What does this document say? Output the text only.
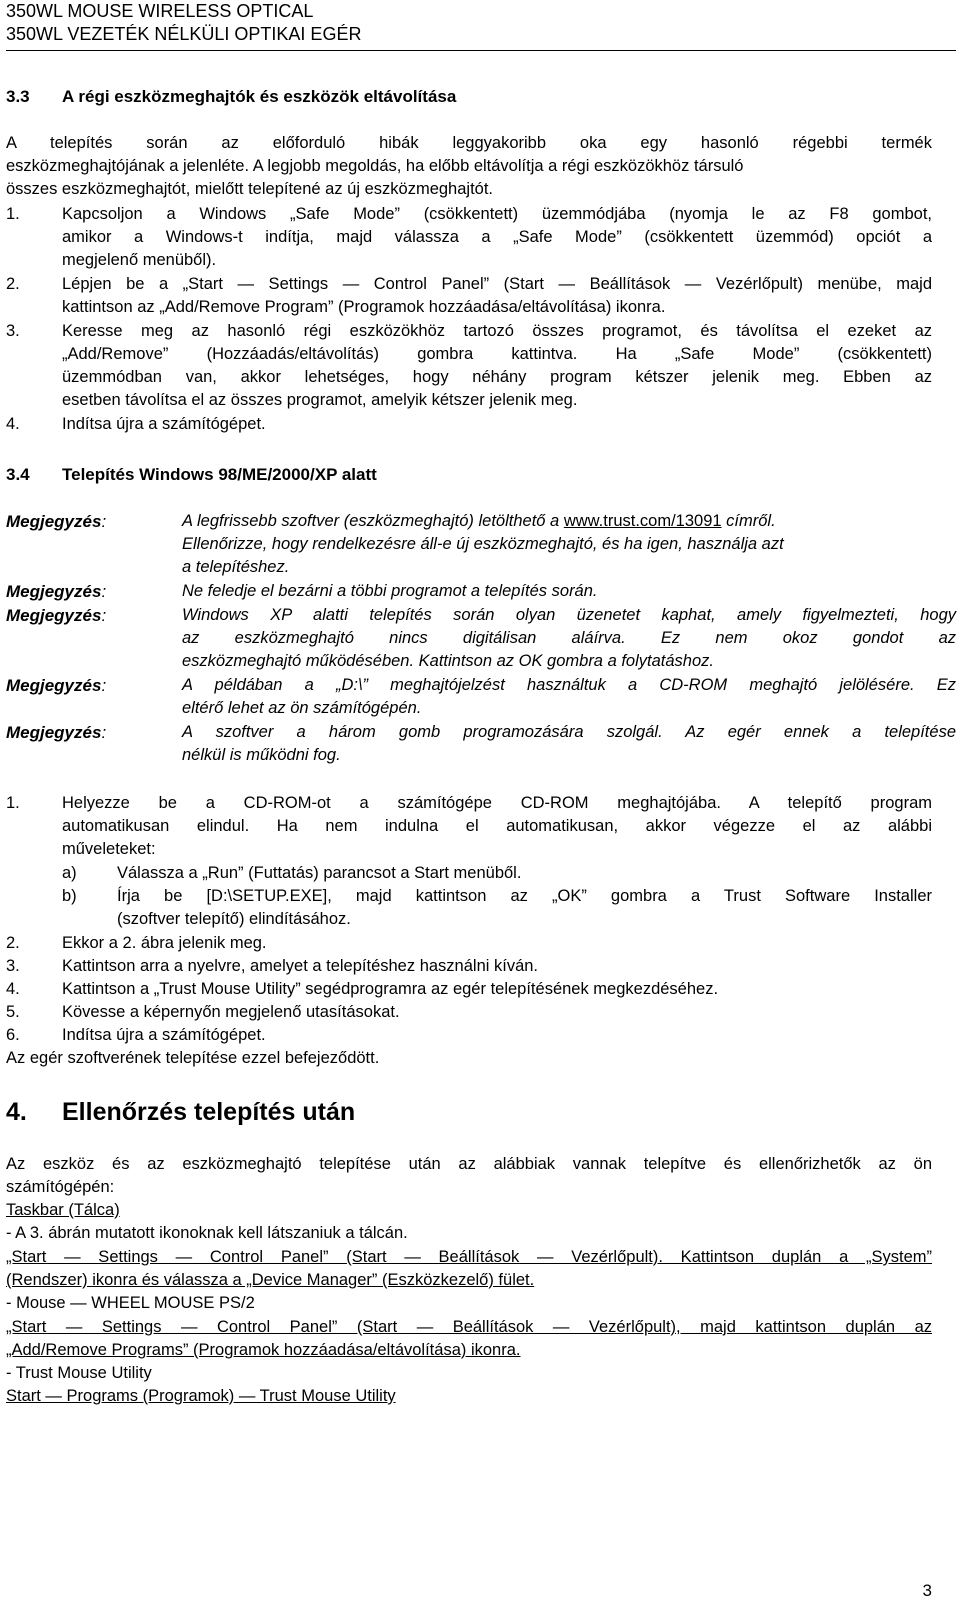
350WL MOUSE WIRELESS OPTICAL
350WL VEZETÉK NÉLKÜLI OPTIKAI EGÉR
3.3 A régi eszközmeghajtók és eszközök eltávolítása
A telepítés során az előforduló hibák leggyakoribb oka egy hasonló régebbi termék
eszközmeghajtójának a jelenléte. A legjobb megoldás, ha előbb eltávolítja a régi eszközökhöz társuló
összes eszközmeghajtót, mielőtt telepítené az új eszközmeghajtót.
1.	Kapcsoljon a Windows „Safe Mode” (csökkentett) üzemmódjába (nyomja le az F8 gombot,
amikor a Windows-t indítja, majd válassza a „Safe Mode” (csökkentett üzemmód) opciót a
megjelenő menüből).
2.	Lépjen be a „Start — Settings — Control Panel” (Start — Beállítások — Vezérlőpult) menübe, majd
kattintson az „Add/Remove Program” (Programok hozzáadása/eltávolítása) ikonra.
3.	Keresse meg az hasonló régi eszközökhöz tartozó összes programot, és távolítsa el ezeket az
„Add/Remove” (Hozzáadás/eltávolítás) gombra kattintva. Ha „Safe Mode” (csökkentett)
üzemmódban van, akkor lehetséges, hogy néhány program kétszer jelenik meg. Ebben az
esetben távolítsa el az összes programot, amelyik kétszer jelenik meg.
4.	Indítsa újra a számítógépet.
3.4 Telepítés Windows 98/ME/2000/XP alatt
Megjegyzés:	A legfrissebb szoftver (eszközmeghajtó) letölthető a www.trust.com/13091 címről.
Ellenőrizze, hogy rendelkezésre áll-e új eszközmeghajtó, és ha igen, használja azt
a telepítéshez.
Megjegyzés:	Ne feledje el bezárni a többi programot a telepítés során.
Megjegyzés:	Windows XP alatti telepítés során olyan üzenetet kaphat, amely figyelmezteti, hogy
az eszközmeghajtó nincs digitálisan aláírva. Ez nem okoz gondot az
eszközmeghajtó működésében. Kattintson az OK gombra a folytatáshoz.
Megjegyzés:	A példában a „D:\” meghajtójelzést használtuk a CD-ROM meghajtó jelölésére. Ez
eltérő lehet az ön számítógépén.
Megjegyzés:	A szoftver a három gomb programozására szolgál. Az egér ennek a telepítése
nélkül is működni fog.
1.	Helyezze be a CD-ROM-ot a számítógépe CD-ROM meghajtójába. A telepítő program
automatikusan elindul. Ha nem indulna el automatikusan, akkor végezze el az alábbi
műveleteket:
a) Válassza a „Run” (Futtatás) parancsot a Start menüből.
b) Írja be [D:\SETUP.EXE], majd kattintson az „OK” gombra a Trust Software Installer
(szoftver telepítő) elindításához.
2.	Ekkor a 2. ábra jelenik meg.
3.	Kattintson arra a nyelvre, amelyet a telepítéshez használni kíván.
4.	Kattintson a „Trust Mouse Utility” segédprogramra az egér telepítésének megkezdéséhez.
5.	Kövesse a képernyőn megjelenő utasításokat.
6.	Indítsa újra a számítógépet.
Az egér szoftverének telepítése ezzel befejeződött.
4. Ellenőrzés telepítés után
Az eszköz és az eszközmeghajtó telepítése után az alábbiak vannak telepítve és ellenőrizhetők az ön
számítógépén:
Taskbar (Tálca)
- A 3. ábrán mutatott ikonoknak kell látszaniuk a tálcán.
„Start — Settings — Control Panel” (Start — Beállítások — Vezérlőpult). Kattintson duplán a „System”
(Rendszer) ikonra és válassza a „Device Manager” (Eszközkezelő) fület.
- Mouse — WHEEL MOUSE PS/2
„Start — Settings — Control Panel” (Start — Beállítások — Vezérlőpult), majd kattintson duplán az
„Add/Remove Programs” (Programok hozzáadása/eltávolítása) ikonra.
- Trust Mouse Utility
Start — Programs (Programok) — Trust Mouse Utility
3
